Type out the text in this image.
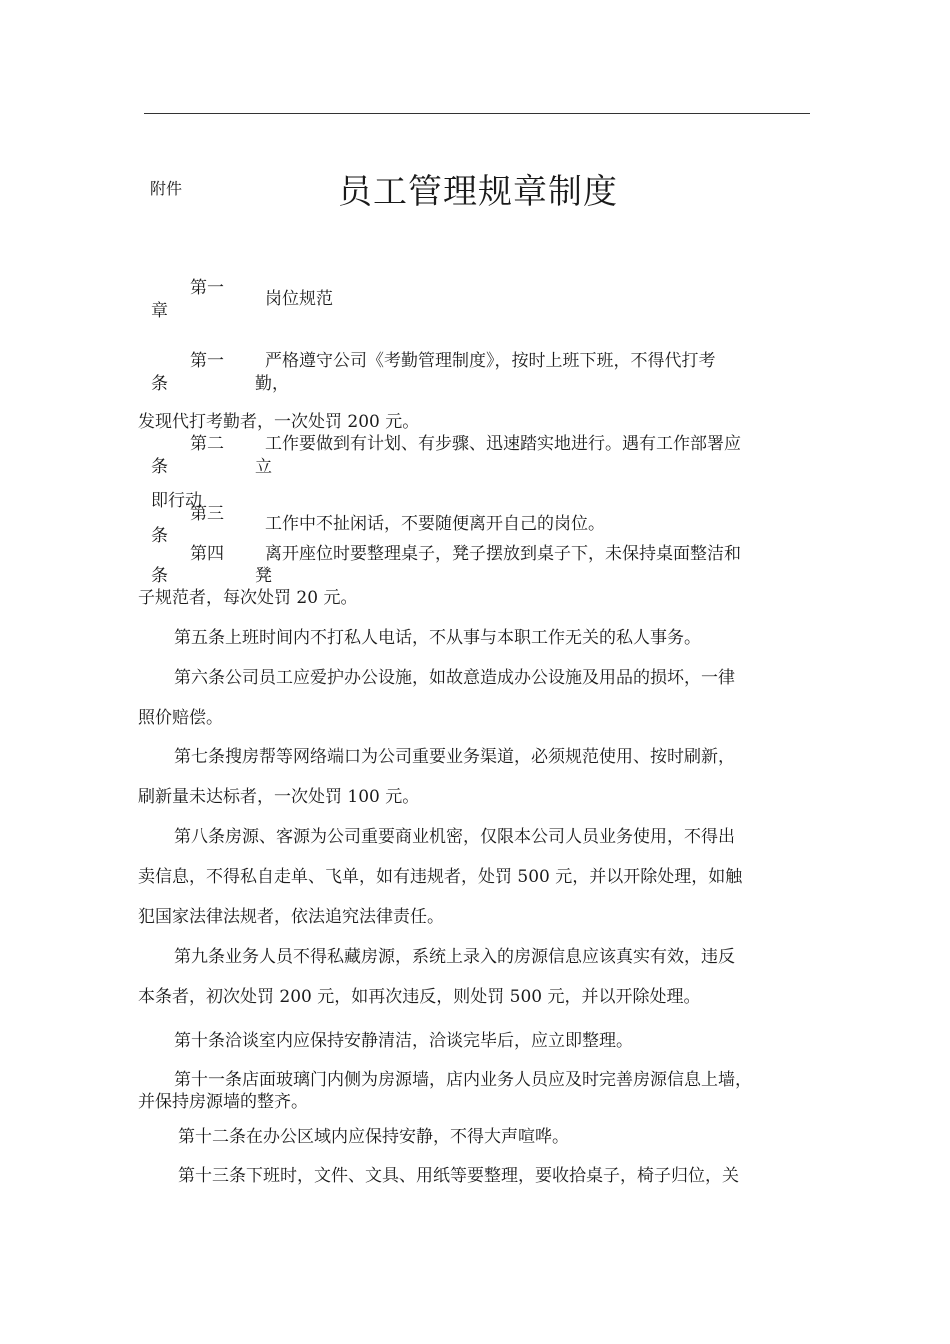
附件	员工管理规章制度
第一
章
岗位规范
第一
条
严格遵守公司《考勤管理制度》，按时上班下班，不得代打考
勤，
发现代打考勤者，一次处罚 200 元。
第二
条
工作要做到有计划、有步骤、迅速踏实地进行。遇有工作部署应
立
即行动
第三
条
工作中不扯闲话，不要随便离开自己的岗位。
第四
条
离开座位时要整理桌子，凳子摆放到桌子下，未保持桌面整洁和
凳
子规范者，每次处罚 20 元。
第五条上班时间内不打私人电话，不从事与本职工作无关的私人事务。
第六条公司员工应爱护办公设施，如故意造成办公设施及用品的损坏，一律
照价赔偿。
第七条搜房帮等网络端口为公司重要业务渠道，必须规范使用、按时刷新，
刷新量未达标者，一次处罚 100 元。
第八条房源、客源为公司重要商业机密，仅限本公司人员业务使用，不得出
卖信息，不得私自走单、飞单，如有违规者，处罚 500 元，并以开除处理，如触
犯国家法律法规者，依法追究法律责任。
第九条业务人员不得私藏房源，系统上录入的房源信息应该真实有效，违反
本条者，初次处罚 200 元，如再次违反，则处罚 500 元，并以开除处理。
第十条洽谈室内应保持安静清洁，洽谈完毕后，应立即整理。
第十一条店面玻璃门内侧为房源墙，店内业务人员应及时完善房源信息上墙，
并保持房源墙的整齐。
第十二条在办公区域内应保持安静，不得大声喧哗。
第十三条下班时，文件、文具、用纸等要整理，要收拾桌子，椅子归位，关
